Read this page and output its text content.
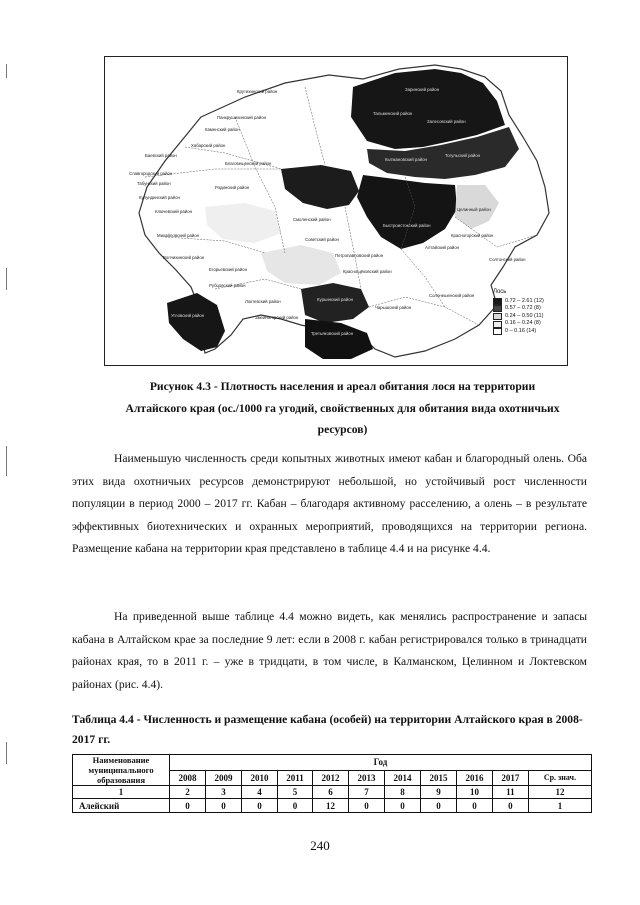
Крутихинский район
Панкрушихинский район
Каменский район
Заринский район
Тальменский район
Залесовский район
Кытмановский район
Тогульский район
Баевский район
Хабарский район
Родинский район
Благовещенский район
Славгородский район
Кулундинский район
Табунский район
Ключевский район
Михайловский район
Волчихинский район
Егорьевский район
Рубцовский район
Угловский район
Локтевский район
Змеиногорский район
Третьяковский район
Курьинский район
Краснощёковский район
Чарышский район
Солонешенский район
Смоленский район
Алтайский район
Советский район
Целинный район
Солтонский район
Красногорский район
Петропавловский район
Быстроистокский район
Лось
0.72 – 2.61 (12)
0.57 – 0.72 (8)
0.24 – 0.50 (11)
0.16 – 0.24 (8)
0 – 0.16 (14)
Рисунок 4.3 - Плотность населения и ареал обитания лося на территории
Алтайского края (ос./1000 га угодий, свойственных для обитания вида охотничьих
ресурсов)

Наименьшую численность среди копытных животных имеют кабан и благородный олень. Оба этих вида охотничьих ресурсов демонстрируют небольшой, но устойчивый рост численности популяции в период 2000 – 2017 гг. Кабан – благодаря активному расселению, а олень – в результате эффективных биотехнических и охранных мероприятий, проводящихся на территории региона. Размещение кабана на территории края представлено в таблице 4.4 и на рисунке 4.4.

На приведенной выше таблице 4.4 можно видеть, как менялись распространение и запасы кабана в Алтайском крае за последние 9 лет: если в 2008 г. кабан регистрировался только в тринадцати районах края, то в 2011 г. – уже в тридцати, в том числе, в Калманском, Целинном и Локтевском районах (рис. 4.4).

Таблица 4.4 - Численность и размещение кабана (особей) на территории Алтайского края в 2008-2017 гг.
Наименование муниципального образования	Год										
	2008	2009	2010	2011	2012	2013	2014	2015	2016	2017	Ср. знач.
1	2	3	4	5	6	7	8	9	10	11	12
Алейский	0	0	0	0	12	0	0	0	0	0	1
240
